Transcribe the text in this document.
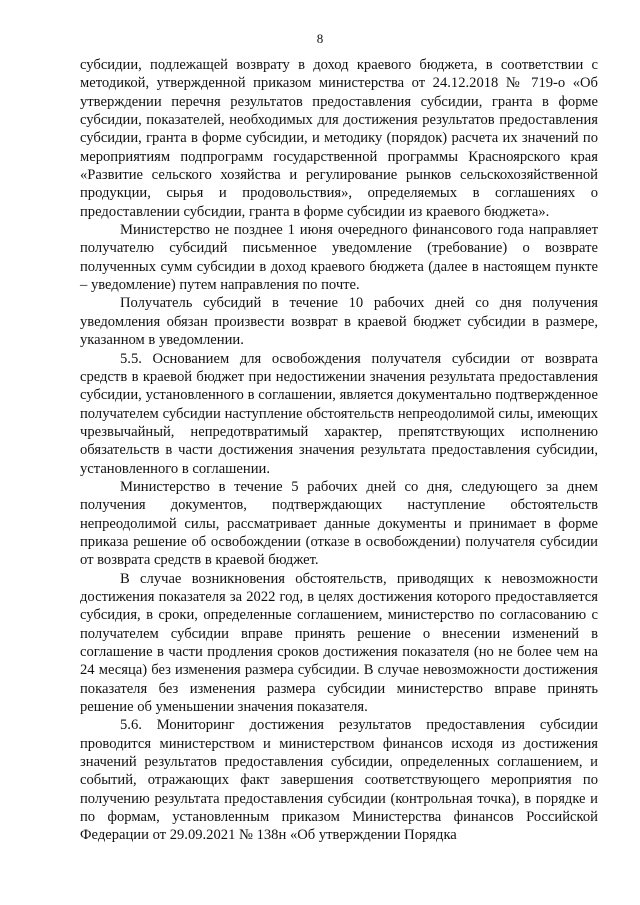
8

субсидии, подлежащей возврату в доход краевого бюджета, в соответствии с методикой, утвержденной приказом министерства от 24.12.2018 № 719-о «Об утверждении перечня результатов предоставления субсидии, гранта в форме субсидии, показателей, необходимых для достижения результатов предоставления субсидии, гранта в форме субсидии, и методику (порядок) расчета их значений по мероприятиям подпрограмм государственной программы Красноярского края «Развитие сельского хозяйства и регулирование рынков сельскохозяйственной продукции, сырья и продовольствия», определяемых в соглашениях о предоставлении субсидии, гранта в форме субсидии из краевого бюджета».

Министерство не позднее 1 июня очередного финансового года направляет получателю субсидий письменное уведомление (требование) о возврате полученных сумм субсидии в доход краевого бюджета (далее в настоящем пункте – уведомление) путем направления по почте.

Получатель субсидий в течение 10 рабочих дней со дня получения уведомления обязан произвести возврат в краевой бюджет субсидии в размере, указанном в уведомлении.

5.5. Основанием для освобождения получателя субсидии от возврата средств в краевой бюджет при недостижении значения результата предоставления субсидии, установленного в соглашении, является документально подтвержденное получателем субсидии наступление обстоятельств непреодолимой силы, имеющих чрезвычайный, непредотвратимый характер, препятствующих исполнению обязательств в части достижения значения результата предоставления субсидии, установленного в соглашении.

Министерство в течение 5 рабочих дней со дня, следующего за днем получения документов, подтверждающих наступление обстоятельств непреодолимой силы, рассматривает данные документы и принимает в форме приказа решение об освобождении (отказе в освобождении) получателя субсидии от возврата средств в краевой бюджет.

В случае возникновения обстоятельств, приводящих к невозможности достижения показателя за 2022 год, в целях достижения которого предоставляется субсидия, в сроки, определенные соглашением, министерство по согласованию с получателем субсидии вправе принять решение о внесении изменений в соглашение в части продления сроков достижения показателя (но не более чем на 24 месяца) без изменения размера субсидии. В случае невозможности достижения показателя без изменения размера субсидии министерство вправе принять решение об уменьшении значения показателя.

5.6. Мониторинг достижения результатов предоставления субсидии проводится министерством и министерством финансов исходя из достижения значений результатов предоставления субсидии, определенных соглашением, и событий, отражающих факт завершения соответствующего мероприятия по получению результата предоставления субсидии (контрольная точка), в порядке и по формам, установленным приказом Министерства финансов Российской Федерации от 29.09.2021 № 138н «Об утверждении Порядка
